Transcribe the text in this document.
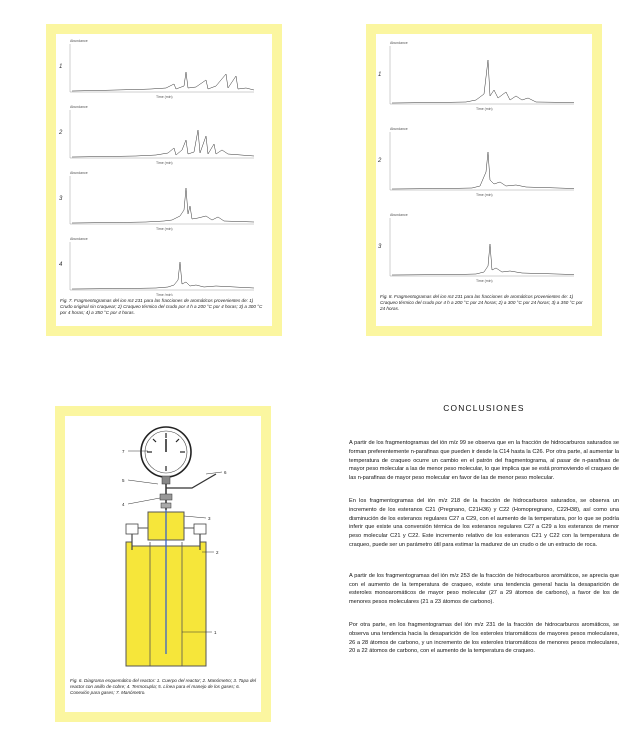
1
Abundance
Time (min)
2
Abundance
Time (min)
3
Abundance
Time (min)
4
Abundance
Time (min)
Fig. 7. Fragmentogramas del ion mz 231 para las fracciones de aromáticos provenientes de: 1) Crudo original sin craquear; 2) Craqueo térmico del crudo por 4 h a 200 °C por 4 horas; 3) a 300 °C por 4 horas; 4) a 350 °C por 4 horas.
1
Abundance
Time (min)
2
Abundance
Time (min)
3
Abundance
Time (min)
Fig. 8. Fragmentogramas del ion mz 231 para las fracciones de aromáticos provenientes de: 1) Craqueo térmico del crudo por 4 h a 200 °C por 24 horas; 2) a 300 °C por 24 horas; 3) a 350 °C por 24 horas.
7
6
5
4
3
2
1
Fig. 6. Diagrama esquemático del reactor: 1. Cuerpo del reactor; 2. Manómetro; 3. Tapa del reactor con anillo de cobre; 4. Termocupla; 5. Línea para el manejo de los gases; 6. Conexión para gases; 7. Manómetro.
CONCLUSIONES

A partir de los fragmentogramas del ión m/z 99 se observa que en la fracción de hidrocarburos saturados se forman preferentemente n-parafinas que pueden ir desde la C14 hasta la C26. Por otra parte, al aumentar la temperatura de craqueo ocurre un cambio en el patrón del fragmentograma, al pasar de n-parafinas de mayor peso molecular a las de menor peso molecular, lo que implica que se está promoviendo el craqueo de las n-parafinas de mayor peso molecular en favor de las de menor peso molecular.

En los fragmentogramas del ión m/z 218 de la fracción de hidrocarburos saturados, se observa un incremento de los esteranos C21 (Pregnano, C21H36) y C22 (Homopregnano, C22H38), así como una disminución de los esteranos regulares C27 a C29, con el aumento de la temperatura, por lo que se podría inferir que existe una conversión térmica de los esteranos regulares C27 a C29 a los esteranos de menor peso molecular C21 y C22. Este incremento relativo de los esteranos C21 y C22 con la temperatura de craqueo, puede ser un parámetro útil para estimar la madurez de un crudo o de un extracto de roca.

A partir de los fragmentogramas del ión m/z 253 de la fracción de hidrocarburos aromáticos, se aprecia que con el aumento de la temperatura de craqueo, existe una tendencia general hacia la desaparición de esteroles monoaromáticos de mayor peso molecular (27 a 29 átomos de carbono), a favor de los de menores pesos moleculares (21 a 23 átomos de carbono).

Por otra parte, en los fragmentogramas del ión m/z 231 de la fracción de hidrocarburos aromáticos, se observa una tendencia hacia la desaparición de los esteroles triaromáticos de mayores pesos moleculares, 26 a 28 átomos de carbono, y un incremento de los esteroles triaromáticos de menores pesos moleculares, 20 a 22 átomos de carbono, con el aumento de la temperatura de craqueo.
